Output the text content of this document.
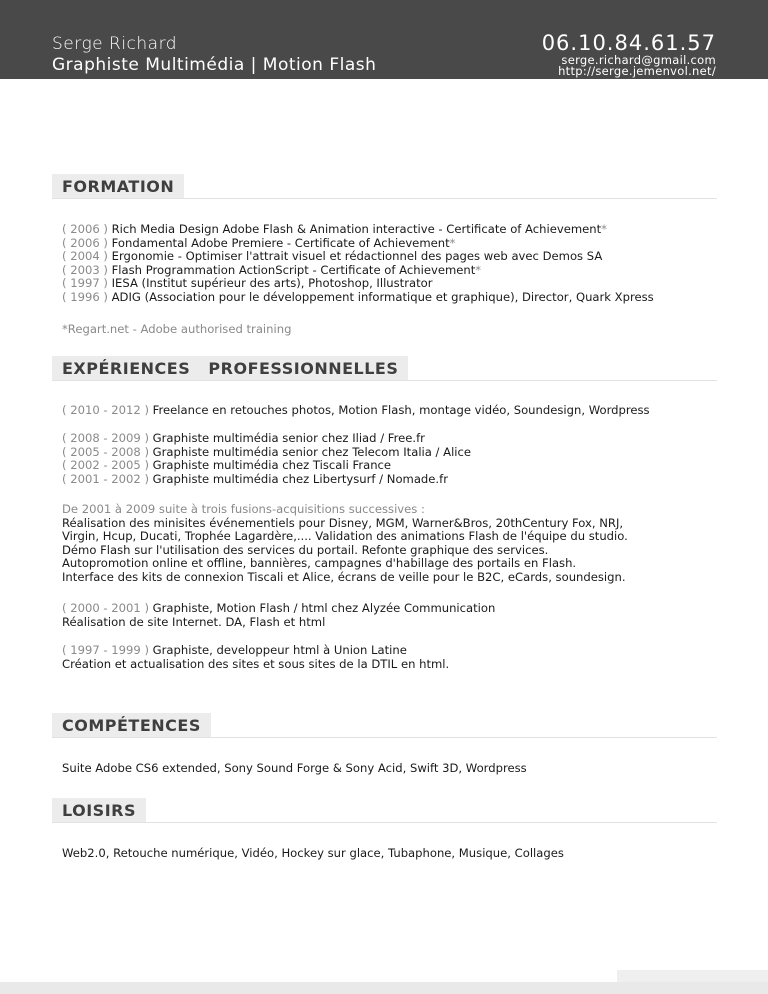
Serge Richard
Graphiste Multimédia | Motion Flash
06.10.84.61.57
serge.richard@gmail.com
http://serge.jemenvol.net/
FORMATION
( 2006 ) Rich Media Design Adobe Flash & Animation interactive - Certificate of Achievement*
( 2006 ) Fondamental Adobe Premiere - Certificate of Achievement*
( 2004 ) Ergonomie - Optimiser l'attrait visuel et rédactionnel des pages web avec Demos SA
( 2003 ) Flash Programmation ActionScript - Certificate of Achievement*
( 1997 ) IESA (Institut supérieur des arts), Photoshop, Illustrator
( 1996 ) ADIG (Association pour le développement informatique et graphique), Director, Quark Xpress
*Regart.net - Adobe authorised training
EXPÉRIENCES   PROFESSIONNELLES
( 2010 - 2012 ) Freelance en retouches photos, Motion Flash, montage vidéo, Soundesign, Wordpress
( 2008 - 2009 ) Graphiste multimédia senior chez Iliad / Free.fr
( 2005 - 2008 ) Graphiste multimédia senior chez Telecom Italia / Alice
( 2002 - 2005 ) Graphiste multimédia chez Tiscali France
( 2001 - 2002 ) Graphiste multimédia chez Libertysurf / Nomade.fr
De 2001 à 2009 suite à trois fusions-acquisitions successives :
Réalisation des minisites événementiels pour Disney, MGM, Warner&Bros, 20thCentury Fox, NRJ,
Virgin, Hcup, Ducati, Trophée Lagardère,.... Validation des animations Flash de l'équipe du studio.
Démo Flash sur l'utilisation des services du portail. Refonte graphique des services.
Autopromotion online et offline, bannières, campagnes d'habillage des portails en Flash.
Interface des kits de connexion Tiscali et Alice, écrans de veille pour le B2C, eCards, soundesign.
( 2000 - 2001 ) Graphiste, Motion Flash / html chez Alyzée Communication
Réalisation de site Internet. DA, Flash et html
( 1997 - 1999 ) Graphiste, developpeur html à Union Latine
Création et actualisation des sites et sous sites de la DTIL en html.
COMPÉTENCES
Suite Adobe CS6 extended, Sony Sound Forge & Sony Acid, Swift 3D, Wordpress
LOISIRS
Web2.0, Retouche numérique, Vidéo, Hockey sur glace, Tubaphone, Musique, Collages
